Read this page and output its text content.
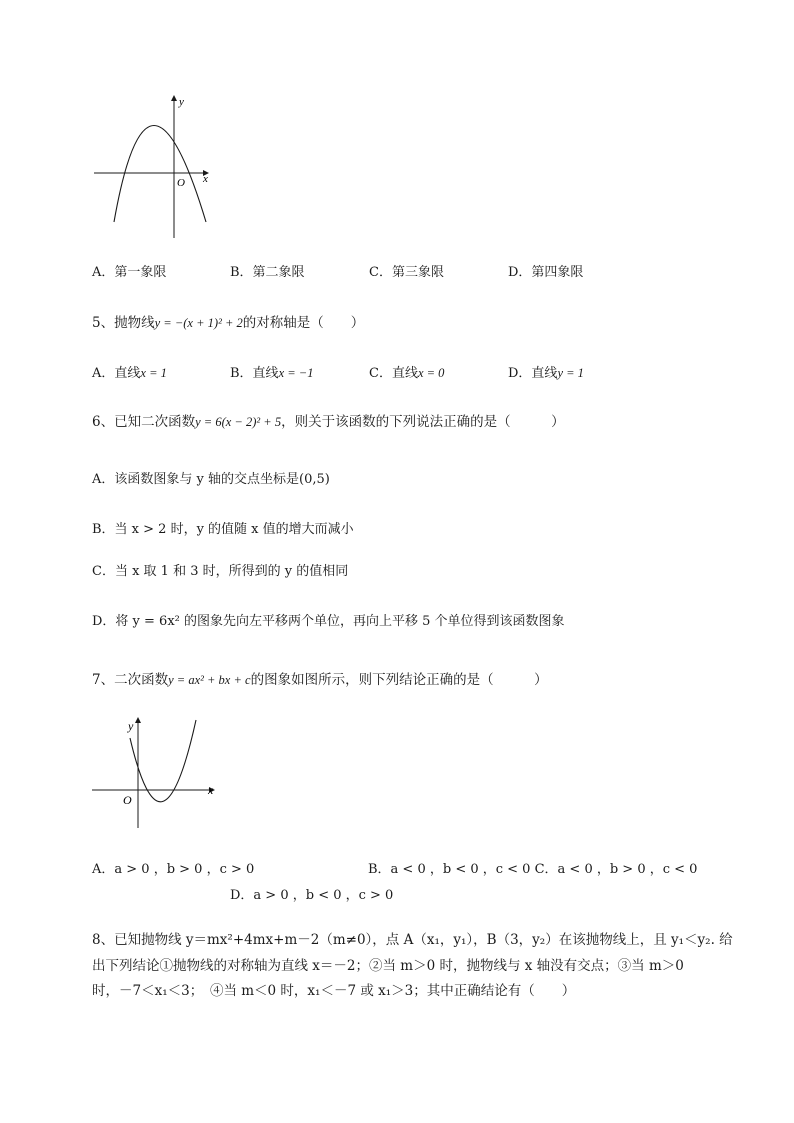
y
x
O
A．第一象限	B．第二象限	C．第三象限	D．第四象限
5、抛物线y = −(x + 1)² + 2的对称轴是（　　）
A．直线x = 1	B．直线x = −1	C．直线x = 0	D．直线y = 1
6、已知二次函数y = 6(x − 2)² + 5，则关于该函数的下列说法正确的是（　　　）
A．该函数图象与 y 轴的交点坐标是(0,5)
B．当 x > 2 时，y 的值随 x 值的增大而减小
C．当 x 取 1 和 3 时，所得到的 y 的值相同
D．将 y = 6x² 的图象先向左平移两个单位，再向上平移 5 个单位得到该函数图象
7、二次函数y = ax² + bx + c的图象如图所示，则下列结论正确的是（　　　）
y
x
O
A．a > 0 ，b > 0 ，c > 0	B．a < 0 ，b < 0 ，c < 0 C．a < 0 ，b > 0 ，c < 0
D．a > 0 ，b < 0 ，c > 0
8、已知抛物线 y＝mx²+4mx+m－2（m≠0），点 A（x₁，y₁），B（3，y₂）在该抛物线上，且 y₁＜y₂. 给
出下列结论①抛物线的对称轴为直线 x＝－2；②当 m＞0 时，抛物线与 x 轴没有交点；③当 m＞0
时，－7＜x₁＜3；　④当 m＜0 时，x₁＜－7 或 x₁＞3；其中正确结论有（　　）
